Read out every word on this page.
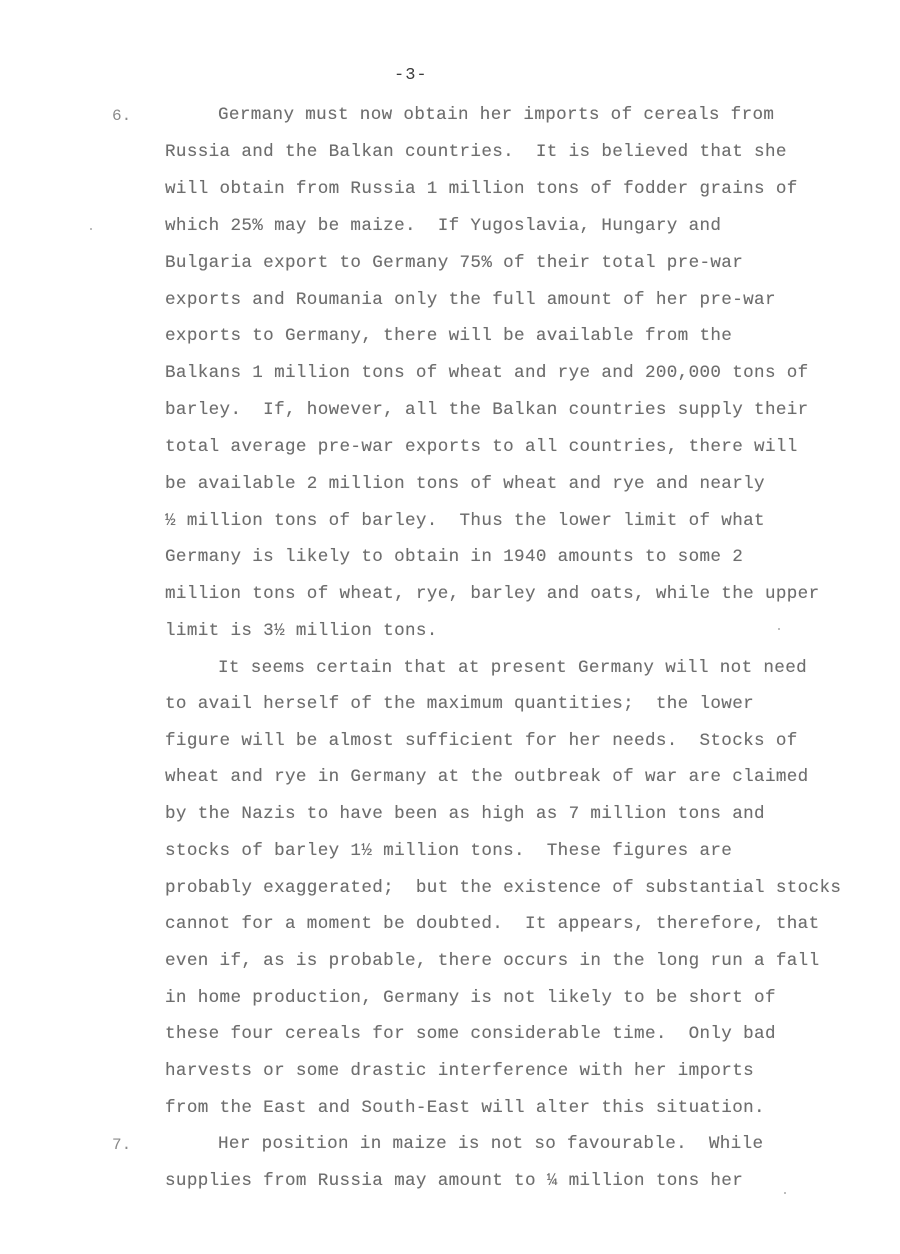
-3-
6.	Germany must now obtain her imports of cereals from
Russia and the Balkan countries.  It is believed that she
will obtain from Russia 1 million tons of fodder grains of
which 25% may be maize.  If Yugoslavia, Hungary and
Bulgaria export to Germany 75% of their total pre-war
exports and Roumania only the full amount of her pre-war
exports to Germany, there will be available from the
Balkans 1 million tons of wheat and rye and 200,000 tons of
barley.  If, however, all the Balkan countries supply their
total average pre-war exports to all countries, there will
be available 2 million tons of wheat and rye and nearly
½ million tons of barley.  Thus the lower limit of what
Germany is likely to obtain in 1940 amounts to some 2
million tons of wheat, rye, barley and oats, while the upper
limit is 3½ million tons.
It seems certain that at present Germany will not need
to avail herself of the maximum quantities;  the lower
figure will be almost sufficient for her needs.  Stocks of
wheat and rye in Germany at the outbreak of war are claimed
by the Nazis to have been as high as 7 million tons and
stocks of barley 1½ million tons.  These figures are
probably exaggerated;  but the existence of substantial stocks
cannot for a moment be doubted.  It appears, therefore, that
even if, as is probable, there occurs in the long run a fall
in home production, Germany is not likely to be short of
these four cereals for some considerable time.  Only bad
harvests or some drastic interference with her imports
from the East and South-East will alter this situation.
7.	Her position in maize is not so favourable.  While
supplies from Russia may amount to ¼ million tons her
